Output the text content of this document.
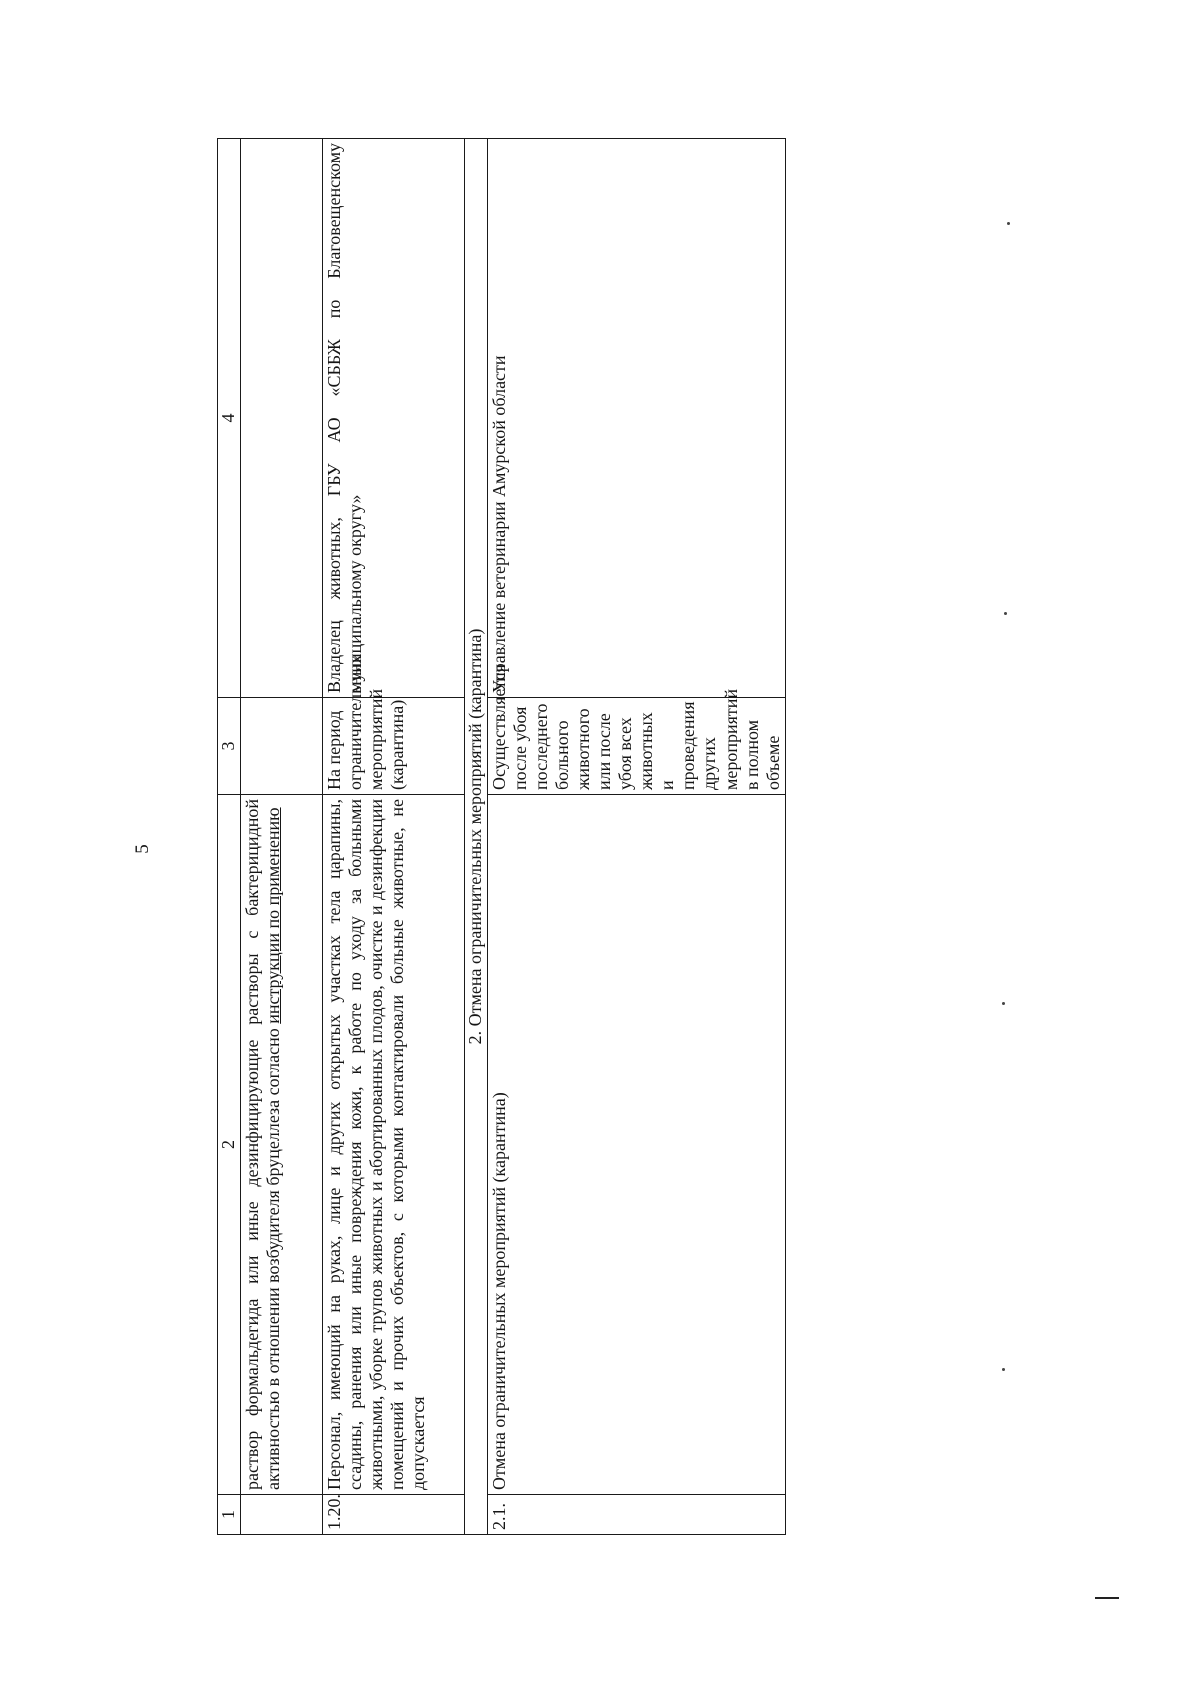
5
1	2	3	4
	раствор формальдегида или иные дезинфицирующие растворы с бактерицидной активностью в отношении возбудителя бруцеллеза согласно инструкции по применению		
1.20.	Персонал, имеющий на руках, лице и других открытых участках тела царапины, ссадины, ранения или иные повреждения кожи, к работе по уходу за больными животными, уборке трупов животных и абортированных плодов, очистке и дезинфекции помещений и прочих объектов, с которыми контактировали больные животные, не допускается	На период ограничительных мероприятий (карантина)	Владелец животных, ГБУ АО «СББЖ по Благовещенскому муниципальному округу»
2. Отмена ограничительных мероприятий (карантина)			
2.1.	Отмена ограничительных мероприятий (карантина)	Осуществляется после убоя последнего больного животного или после убоя всех животных и проведения других мероприятий в полном объеме	Управление ветеринарии Амурской области
